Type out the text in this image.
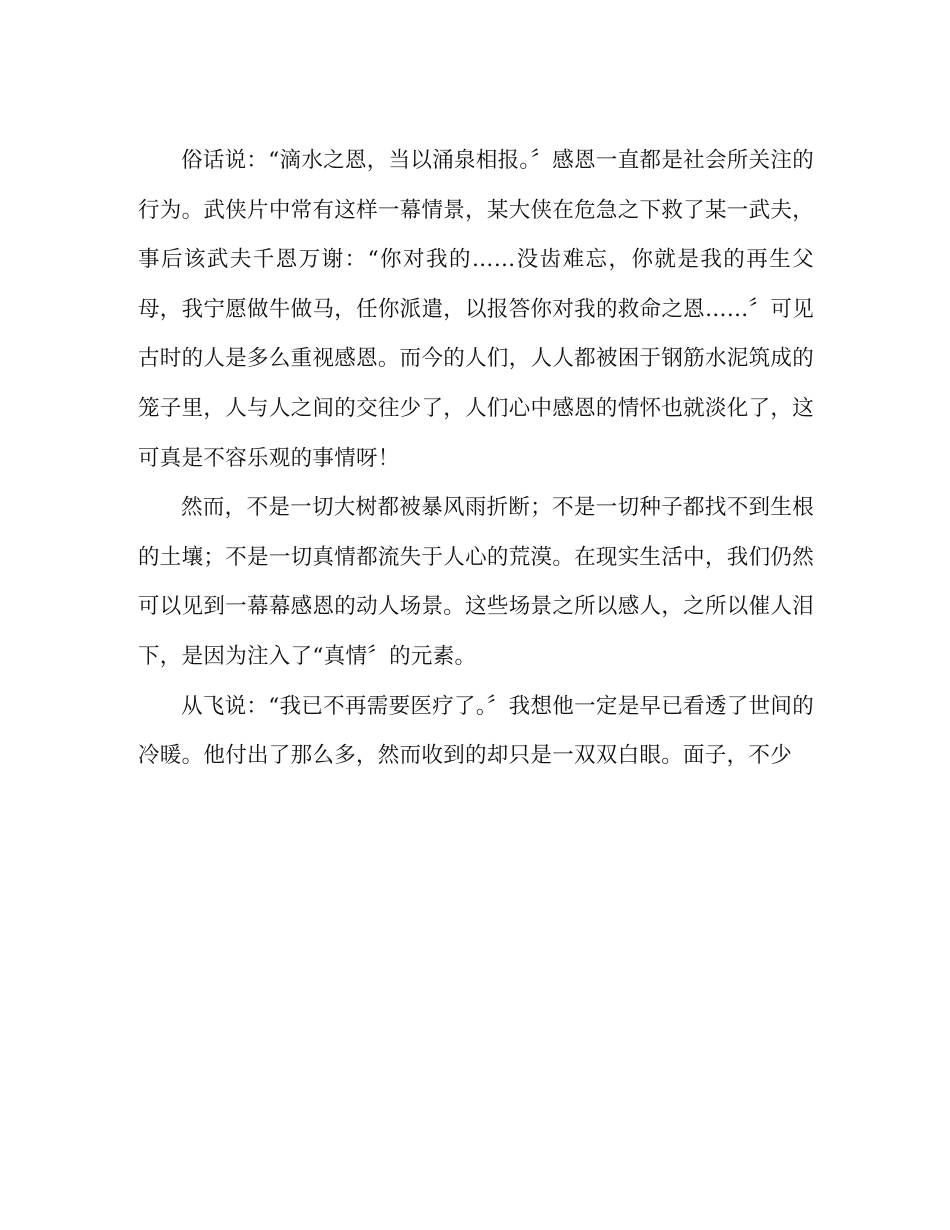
俗话说：“滴水之恩，当以涌泉相报。〞感恩一直都是社会所关注的行为。武侠片中常有这样一幕情景，某大侠在危急之下救了某一武夫，事后该武夫千恩万谢：“你对我的……没齿难忘，你就是我的再生父母，我宁愿做牛做马，任你派遣，以报答你对我的救命之恩……〞可见古时的人是多么重视感恩。而今的人们，人人都被困于钢筋水泥筑成的笼子里，人与人之间的交往少了，人们心中感恩的情怀也就淡化了，这可真是不容乐观的事情呀！

然而，不是一切大树都被暴风雨折断；不是一切种子都找不到生根的土壤；不是一切真情都流失于人心的荒漠。在现实生活中，我们仍然可以见到一幕幕感恩的动人场景。这些场景之所以感人，之所以催人泪下，是因为注入了“真情〞的元素。

从飞说：“我已不再需要医疗了。〞我想他一定是早已看透了世间的冷暖。他付出了那么多，然而收到的却只是一双双白眼。面子，不少
